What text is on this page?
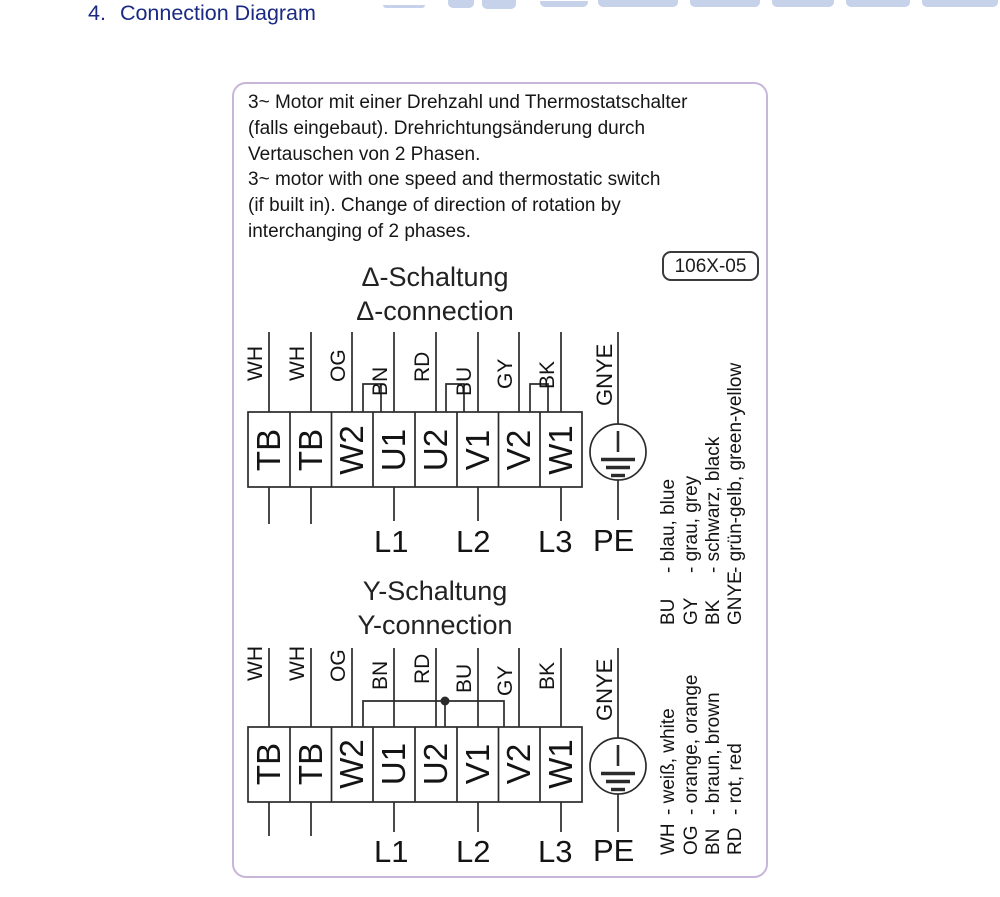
4. Connection Diagram
3~ Motor mit einer Drehzahl und Thermostatschalter
(falls eingebaut). Drehrichtungsänderung durch
Vertauschen von 2 Phasen.
3~ motor with one speed and thermostatic switch
(if built in). Change of direction of rotation by
interchanging of 2 phases.
106X-05
Δ-Schaltung
Δ-connection
Y-Schaltung
Y-connection
WH WH OG BN RD BU GY BK
TB TB W2 U1 U2 V1 V2 W1
GNYE
L1 L2 L3 PE
WH WH OG BN RD BU GY BK
TB TB W2 U1 U2 V1 V2 W1
GNYE
L1 L2 L3 PE
BU- blau, blue
GY- grau, grey
BK- schwarz, black
GNYE- grün-gelb, green-yellow
WH- weiß, white
OG- orange, orange
BN- braun, brown
RD- rot, red
